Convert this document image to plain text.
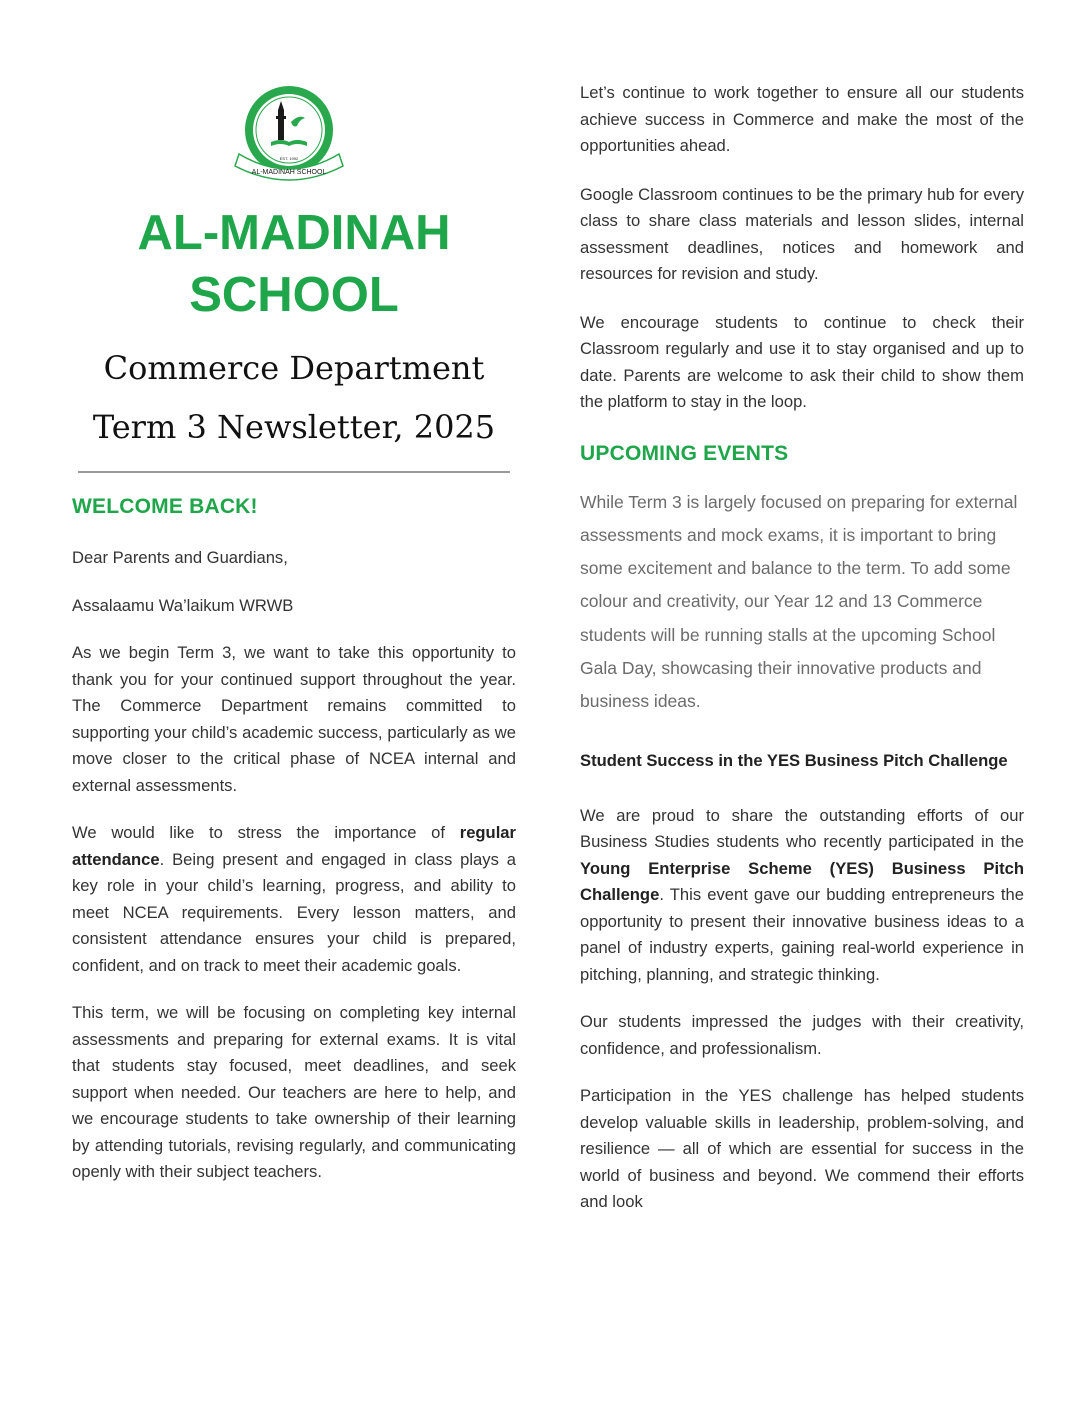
AL-MADINAH SCHOOL
EST. 1992
AL-MADINAH
SCHOOL
Commerce Department
Term 3 Newsletter, 2025
WELCOME BACK!

Dear Parents and Guardians,

Assalaamu Wa’laikum WRWB

As we begin Term 3, we want to take this opportunity to thank you for your continued support throughout the year. The Commerce Department remains committed to supporting your child’s academic success, particularly as we move closer to the critical phase of NCEA internal and external assessments.

We would like to stress the importance of regular attendance. Being present and engaged in class plays a key role in your child’s learning, progress, and ability to meet NCEA requirements. Every lesson matters, and consistent attendance ensures your child is prepared, confident, and on track to meet their academic goals.

This term, we will be focusing on completing key internal assessments and preparing for external exams. It is vital that students stay focused, meet deadlines, and seek support when needed. Our teachers are here to help, and we encourage students to take ownership of their learning by attending tutorials, revising regularly, and communicating openly with their subject teachers.

Let’s continue to work together to ensure all our students achieve success in Commerce and make the most of the opportunities ahead.

Google Classroom continues to be the primary hub for every class to share class materials and lesson slides, internal assessment deadlines, notices and homework and resources for revision and study.

We encourage students to continue to check their Classroom regularly and use it to stay organised and up to date. Parents are welcome to ask their child to show them the platform to stay in the loop.

UPCOMING EVENTS

While Term 3 is largely focused on preparing for external assessments and mock exams, it is important to bring some excitement and balance to the term. To add some colour and creativity, our Year 12 and 13 Commerce students will be running stalls at the upcoming School Gala Day, showcasing their innovative products and business ideas.

Student Success in the YES Business Pitch Challenge

We are proud to share the outstanding efforts of our Business Studies students who recently participated in the Young Enterprise Scheme (YES) Business Pitch Challenge. This event gave our budding entrepreneurs the opportunity to present their innovative business ideas to a panel of industry experts, gaining real-world experience in pitching, planning, and strategic thinking.

Our students impressed the judges with their creativity, confidence, and professionalism.

Participation in the YES challenge has helped students develop valuable skills in leadership, problem-solving, and resilience — all of which are essential for success in the world of business and beyond. We commend their efforts and look
